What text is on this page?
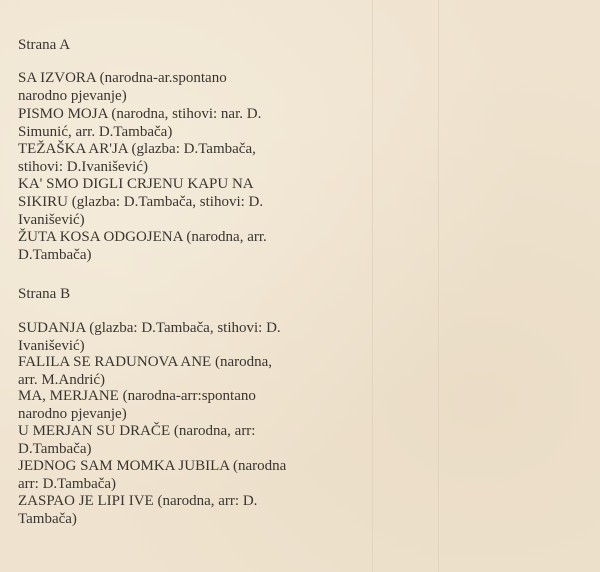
Strana A
SA IZVORA (narodna-ar.spontano
narodno pjevanje)
PISMO MOJA (narodna, stihovi: nar. D.
Simunić, arr. D.Tambača)
TEŽAŠKA AR'JA (glazba: D.Tambača,
stihovi: D.Ivanišević)
KA' SMO DIGLI CRJENU KAPU NA
SIKIRU (glazba: D.Tambača, stihovi: D.
Ivanišević)
ŽUTA KOSA ODGOJENA (narodna, arr.
D.Tambača)
Strana B
SUDANJA (glazba: D.Tambača, stihovi: D.
Ivanišević)
FALILA SE RADUNOVA ANE (narodna,
arr. M.Andrić)
MA, MERJANE (narodna-arr:spontano
narodno pjevanje)
U MERJAN SU DRAČE (narodna, arr:
D.Tambača)
JEDNOG SAM MOMKA JUBILA (narodna
arr: D.Tambača)
ZASPAO JE LIPI IVE (narodna, arr: D.
Tambača)
